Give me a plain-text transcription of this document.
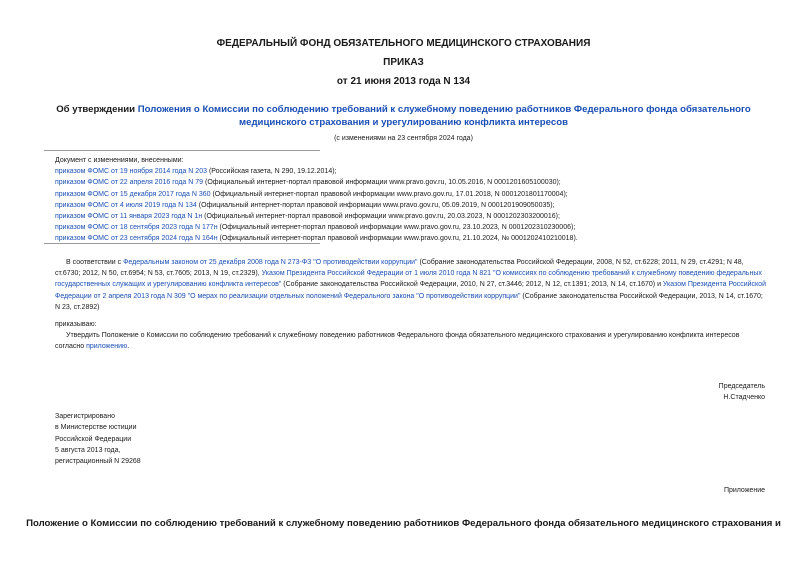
ФЕДЕРАЛЬНЫЙ ФОНД ОБЯЗАТЕЛЬНОГО МЕДИЦИНСКОГО СТРАХОВАНИЯ
ПРИКАЗ
от 21 июня 2013 года N 134
Об утверждении Положения о Комиссии по соблюдению требований к служебному поведению работников Федерального фонда обязательного медицинского страхования и урегулированию конфликта интересов
(с изменениями на 23 сентября 2024 года)
Документ с изменениями, внесенными:
приказом ФОМС от 19 ноября 2014 года N 203 (Российская газета, N 290, 19.12.2014);
приказом ФОМС от 22 апреля 2016 года N 79 (Официальный интернет-портал правовой информации www.pravo.gov.ru, 10.05.2016, N 0001201605100030);
приказом ФОМС от 15 декабря 2017 года N 360 (Официальный интернет-портал правовой информации www.pravo.gov.ru, 17.01.2018, N 0001201801170004);
приказом ФОМС от 4 июля 2019 года N 134 (Официальный интернет-портал правовой информации www.pravo.gov.ru, 05.09.2019, N 0001201909050035);
приказом ФОМС от 11 января 2023 года N 1н (Официальный интернет-портал правовой информации www.pravo.gov.ru, 20.03.2023, N 0001202303200016);
приказом ФОМС от 18 сентября 2023 года N 177н (Официальный интернет-портал правовой информации www.pravo.gov.ru, 23.10.2023, N 0001202310230006);
приказом ФОМС от 23 сентября 2024 года N 164н (Официальный интернет-портал правовой информации www.pravo.gov.ru, 21.10.2024, № 0001202410210018).
В соответствии с Федеральным законом от 25 декабря 2008 года N 273-ФЗ "О противодействии коррупции" (Собрание законодательства Российской Федерации, 2008, N 52, ст.6228; 2011, N 29, ст.4291; N 48, ст.6730; 2012, N 50, ст.6954; N 53, ст.7605; 2013, N 19, ст.2329), Указом Президента Российской Федерации от 1 июля 2010 года N 821 "О комиссиях по соблюдению требований к служебному поведению федеральных государственных служащих и урегулированию конфликта интересов" (Собрание законодательства Российской Федерации, 2010, N 27, ст.3446; 2012, N 12, ст.1391; 2013, N 14, ст.1670) и Указом Президента Российской Федерации от 2 апреля 2013 года N 309 "О мерах по реализации отдельных положений Федерального закона "О противодействии коррупции" (Собрание законодательства Российской Федерации, 2013, N 14, ст.1670; N 23, ст.2892)
приказываю:
Утвердить Положение о Комиссии по соблюдению требований к служебному поведению работников Федерального фонда обязательного медицинского страхования и урегулированию конфликта интересов согласно приложению.
Председатель
Н.Стадченко
Зарегистрировано
в Министерстве юстиции
Российской Федерации
5 августа 2013 года,
регистрационный N 29268
Приложение
Положение о Комиссии по соблюдению требований к служебному поведению работников Федерального фонда обязательного медицинского страхования и
